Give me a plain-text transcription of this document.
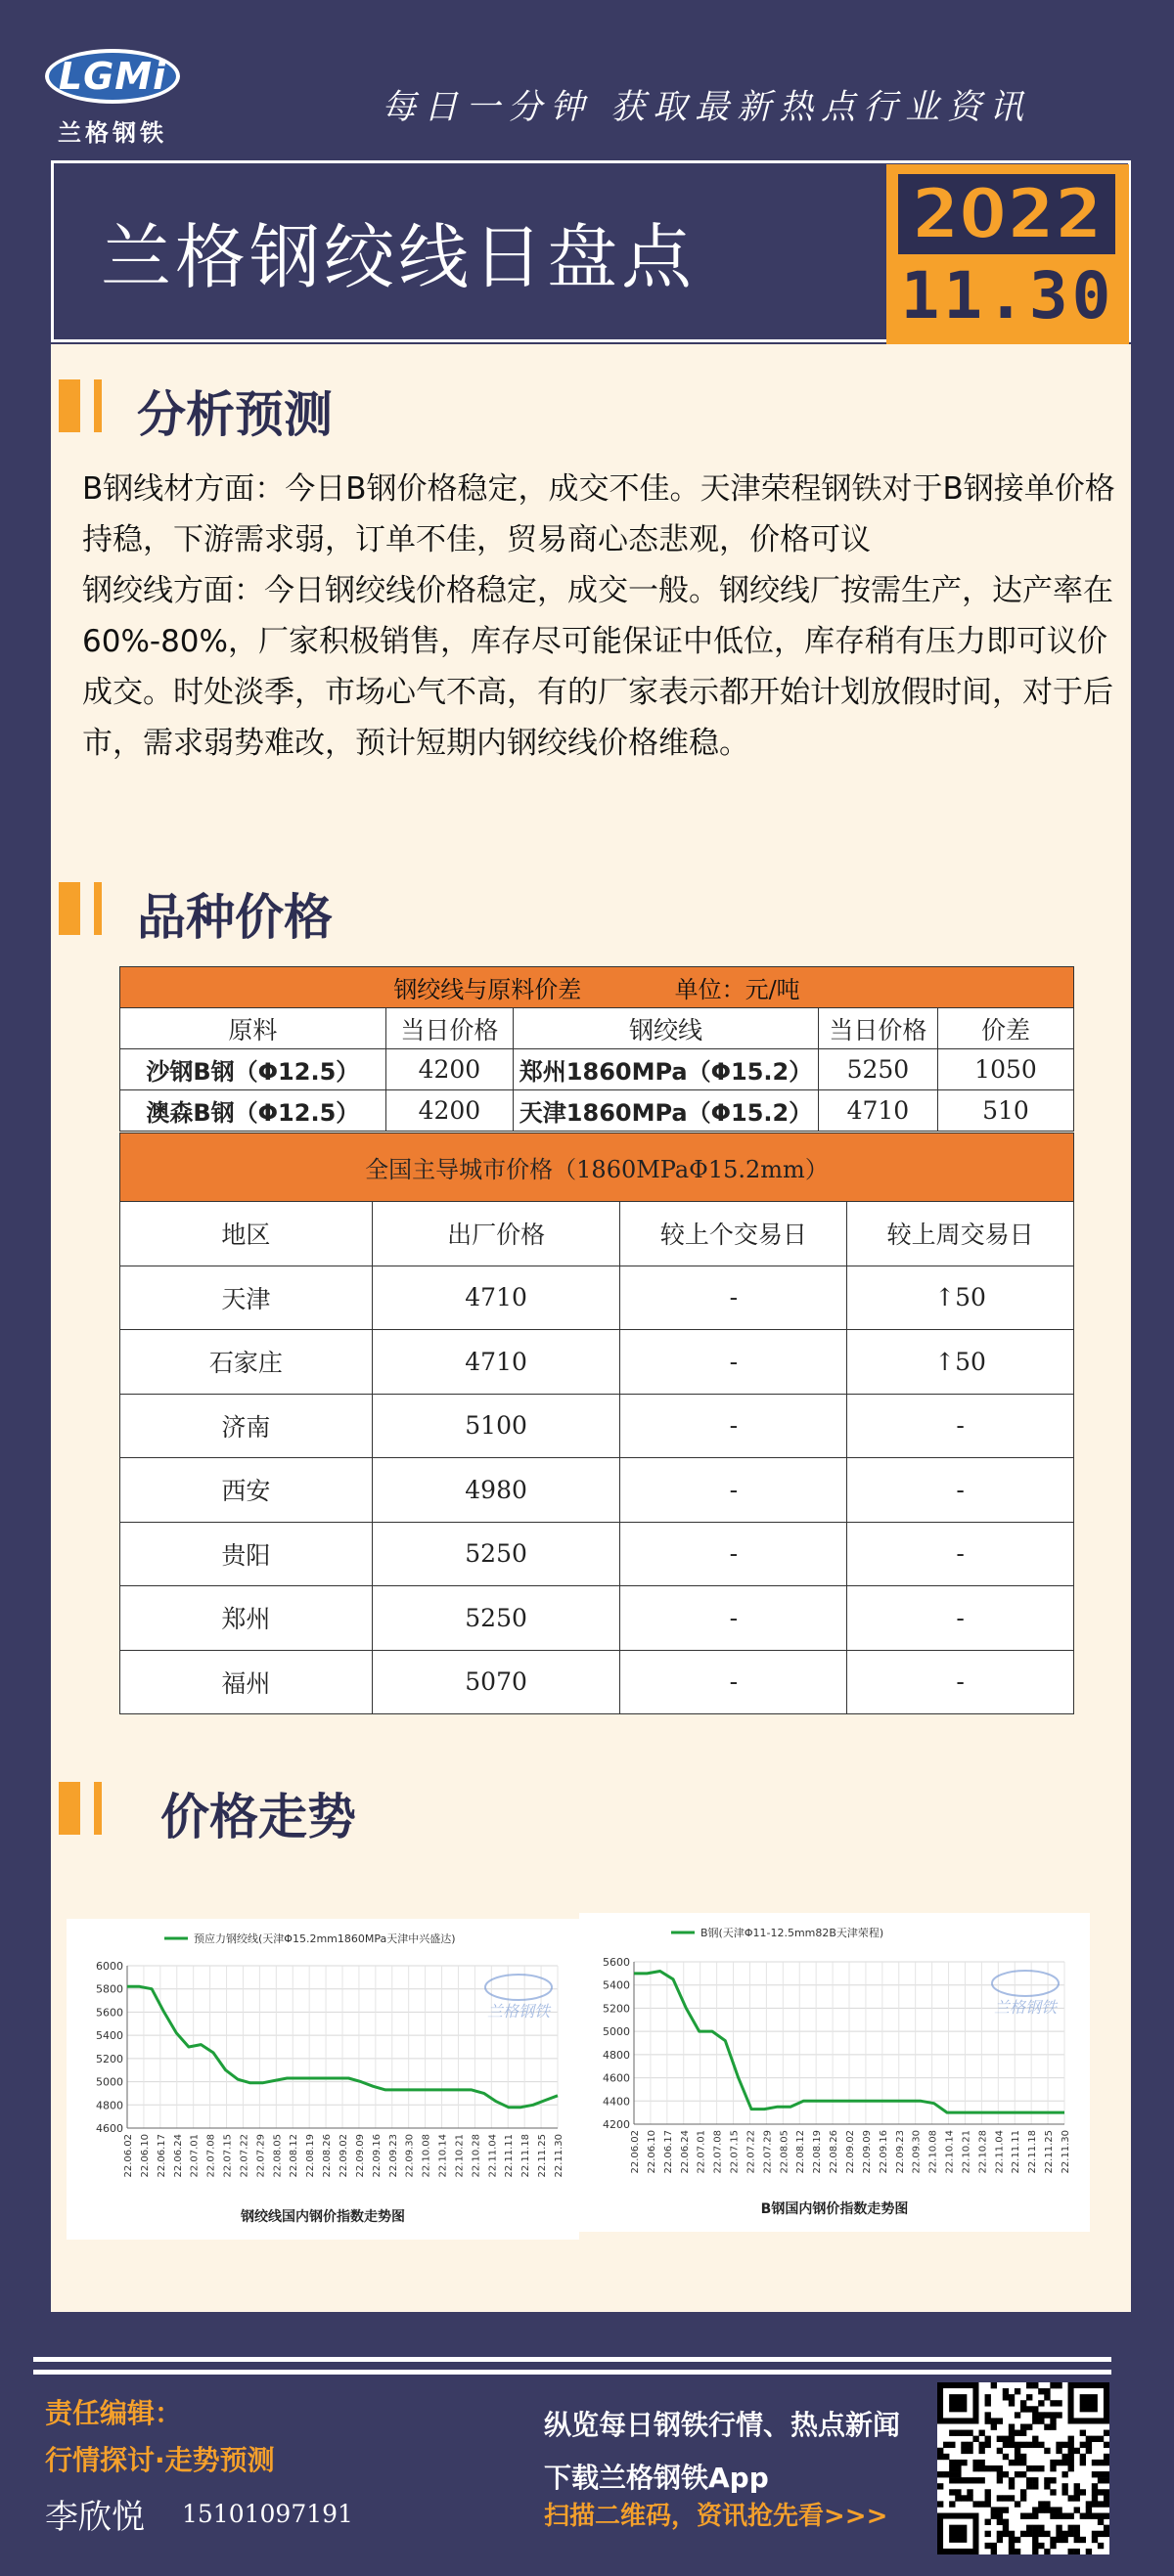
LGMi
兰格钢铁
每日一分钟 获取最新热点行业资讯
兰格钢绞线日盘点
2022
11.30
分析预测

B钢线材方面：今日B钢价格稳定，成交不佳。天津荣程钢铁对于B钢接单价格持稳，下游需求弱，订单不佳，贸易商心态悲观，价格可议

钢绞线方面：今日钢绞线价格稳定，成交一般。钢绞线厂按需生产，达产率在60%-80%，厂家积极销售，库存尽可能保证中低位，库存稍有压力即可议价成交。时处淡季，市场心气不高，有的厂家表示都开始计划放假时间，对于后市，需求弱势难改，预计短期内钢绞线价格维稳。

品种价格
钢绞线与原料价差 单位：元/吨				
原料	当日价格	钢绞线	当日价格	价差
沙钢B钢（Φ12.5）	4200	郑州1860MPa（Φ15.2）	5250	1050
澳森B钢（Φ12.5）	4200	天津1860MPa（Φ15.2）	4710	510
全国主导城市价格（1860MPaΦ15.2mm）			
地区	出厂价格	较上个交易日	较上周交易日
天津	4710	-	↑50
石家庄	4710	-	↑50
济南	5100	-	-
西安	4980	-	-
贵阳	5250	-	-
郑州	5250	-	-
福州	5070	-	-
价格走势
预应力钢绞线(天津Φ15.2mm1860MPa天津中兴盛达)
4600
4800
5000
5200
5400
5600
5800
6000
22.06.02 22.06.10 22.06.17 22.06.24 22.07.01 22.07.08 22.07.15 22.07.22 22.07.29 22.08.05 22.08.12 22.08.19 22.08.26 22.09.02 22.09.09 22.09.16 22.09.23 22.09.30 22.10.08 22.10.14 22.10.21 22.10.28 22.11.04 22.11.11 22.11.18 22.11.25 22.11.30
兰格钢铁
钢绞线国内钢价指数走势图
B钢(天津Φ11-12.5mm82B天津荣程)
4200
4400
4600
4800
5000
5200
5400
5600
22.06.02 22.06.10 22.06.17 22.06.24 22.07.01 22.07.08 22.07.15 22.07.22 22.07.29 22.08.05 22.08.12 22.08.19 22.08.26 22.09.02 22.09.09 22.09.16 22.09.23 22.09.30 22.10.08 22.10.14 22.10.21 22.10.28 22.11.04 22.11.11 22.11.18 22.11.25 22.11.30
兰格钢铁
B钢国内钢价指数走势图
责任编辑：
行情探讨·走势预测
李欣悦 15101097191
纵览每日钢铁行情、热点新闻
下载兰格钢铁App
扫描二维码，资讯抢先看>>>
